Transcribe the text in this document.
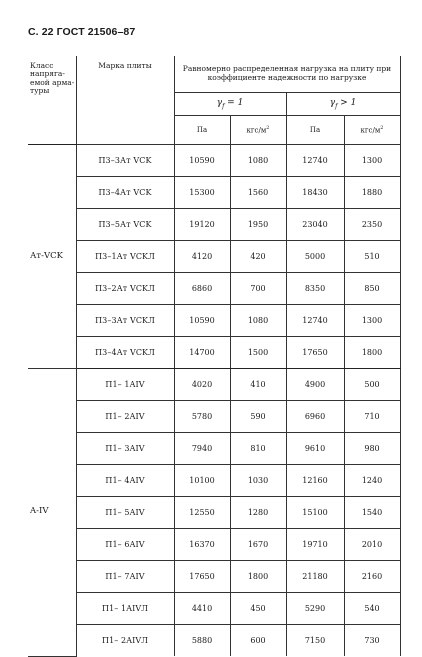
С. 22 ГОСТ 21506–87
Класс напряга-емой арма-туры	Марка плиты	Равномерно распределенная нагрузка на плиту при коэффициенте надежности по нагрузке			
		$\gamma_f = 1$		$\gamma_f > 1$	
		Па	кгс/$м^2$	Па	кгс/$м^2$
Ат-VCK	П3–3Ат VCK	10590	1080	12740	1300
	П3–4Ат VCK	15300	1560	18430	1880
	П3–5Ат VCK	19120	1950	23040	2350
	П3–1Ат VCKЛ	4120	420	5000	510
	П3–2Ат VCKЛ	6860	700	8350	850
	П3–3Ат VCKЛ	10590	1080	12740	1300
	П3–4Ат VCKЛ	14700	1500	17650	1800
A-IV	П1– 1AIV	4020	410	4900	500
	П1– 2AIV	5780	590	6960	710
	П1– 3AIV	7940	810	9610	980
	П1– 4AIV	10100	1030	12160	1240
	П1– 5AIV	12550	1280	15100	1540
	П1– 6AIV	16370	1670	19710	2010
	П1– 7AIV	17650	1800	21180	2160
	П1– 1AIVЛ	4410	450	5290	540
	П1– 2AIVЛ	5880	600	7150	730
